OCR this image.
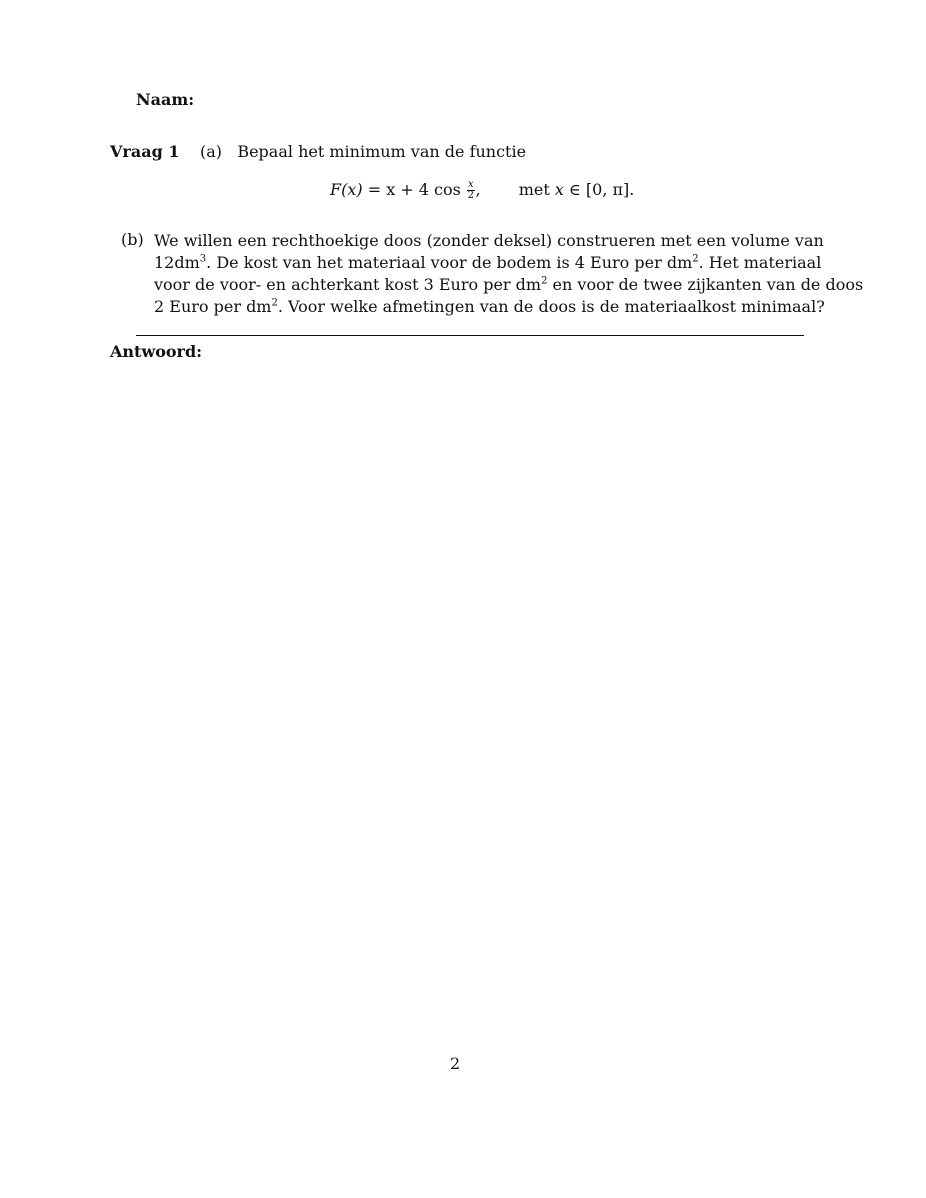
Naam:
Vraag 1 (a) Bepaal het minimum van de functie
F(x) = x + 4 $\cos \frac{x}{2}$ , met x ∈ [0, π].
(b) We willen een rechthoekige doos (zonder deksel) construeren met een volume van
$12dm^3$. De kost van het materiaal voor de bodem is 4 Euro per $dm^2$. Het materiaal
voor de voor- en achterkant kost 3 Euro per $dm^2$ en voor de twee zijkanten van de doos
2 Euro per $dm^2$. Voor welke afmetingen van de doos is de materiaalkost minimaal?
Antwoord:
2
